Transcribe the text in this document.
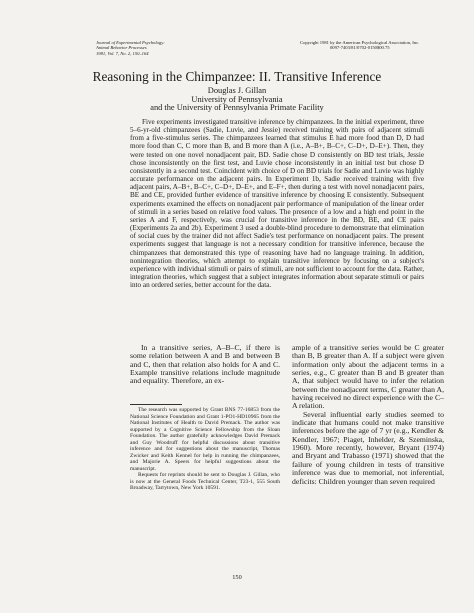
Journal of Experimental Psychology:
Animal Behavior Processes
1981, Vol. 7, No. 2, 150–164
Copyright 1981 by the American Psychological Association, Inc.
0097-7403/81/0702-0150$00.75
Reasoning in the Chimpanzee: II. Transitive Inference
Douglas J. Gillan
University of Pennsylvania
and the University of Pennsylvania Primate Facility
Five experiments investigated transitive inference by chimpanzees. In the initial experiment, three 5–6-yr-old chimpanzees (Sadie, Luvie, and Jessie) received training with pairs of adjacent stimuli from a five-stimulus series. The chimpanzees learned that stimulus E had more food than D, D had more food than C, C more than B, and B more than A (i.e., A–B+, B–C+, C–D+, D–E+). Then, they were tested on one novel nonadjacent pair, BD. Sadie chose D consistently on BD test trials, Jessie chose inconsistently on the first test, and Luvie chose inconsistently in an initial test but chose D consistently in a second test. Coincident with choice of D on BD trials for Sadie and Luvie was highly accurate performance on the adjacent pairs. In Experiment 1b, Sadie received training with five adjacent pairs, A–B+, B–C+, C–D+, D–E+, and E–F+, then during a test with novel nonadjacent pairs, BE and CE, provided further evidence of transitive inference by choosing E consistently. Subsequent experiments examined the effects on nonadjacent pair performance of manipulation of the linear order of stimuli in a series based on relative food values. The presence of a low and a high end point in the series A and F, respectively, was crucial for transitive inference in the BD, BE, and CE pairs (Experiments 2a and 2b). Experiment 3 used a double-blind procedure to demonstrate that elimination of social cues by the trainer did not affect Sadie's test performance on nonadjacent pairs. The present experiments suggest that language is not a necessary condition for transitive inference, because the chimpanzees that demonstrated this type of reasoning have had no language training. In addition, nonintegration theories, which attempt to explain transitive inference by focusing on a subject's experience with individual stimuli or pairs of stimuli, are not sufficient to account for the data. Rather, integration theories, which suggest that a subject integrates information about separate stimuli or pairs into an ordered series, better account for the data.

In a transitive series, A–B–C, if there is some relation between A and B and between B and C, then that relation also holds for A and C. Example transitive relations include magnitude and equality. Therefore, an ex-

ample of a transitive series would be C greater than B, B greater than A. If a subject were given information only about the adjacent terms in a series, e.g., C greater than B and B greater than A, that subject would have to infer the relation between the nonadjacent terms, C greater than A, having received no direct experience with the C–A relation.

Several influential early studies seemed to indicate that humans could not make transitive inferences before the age of 7 yr (e.g., Kendler & Kendler, 1967; Piaget, Inhelder, & Szeminska, 1960). More recently, however, Bryant (1974) and Bryant and Trabasso (1971) showed that the failure of young children in tests of transitive inference was due to memorial, not inferential, deficits: Children younger than seven required

The research was supported by Grant BNS 77-16853 from the National Science Foundation and Grant 1-PO1-HD10965 from the National Institutes of Health to David Premack. The author was supported by a Cognitive Science Fellowship from the Sloan Foundation. The author gratefully acknowledges David Premack and Guy Woodruff for helpful discussions about transitive inference and for suggestions about the manuscript, Thomas Zwicker and Keith Kennel for help in running the chimpanzees, and Majorie A. Speers for helpful suggestions about the manuscript.

Requests for reprints should be sent to Douglas J. Gillan, who is now at the General Foods Technical Center, T23-1, 555 South Broadway, Tarrytown, New York 10591.

150
